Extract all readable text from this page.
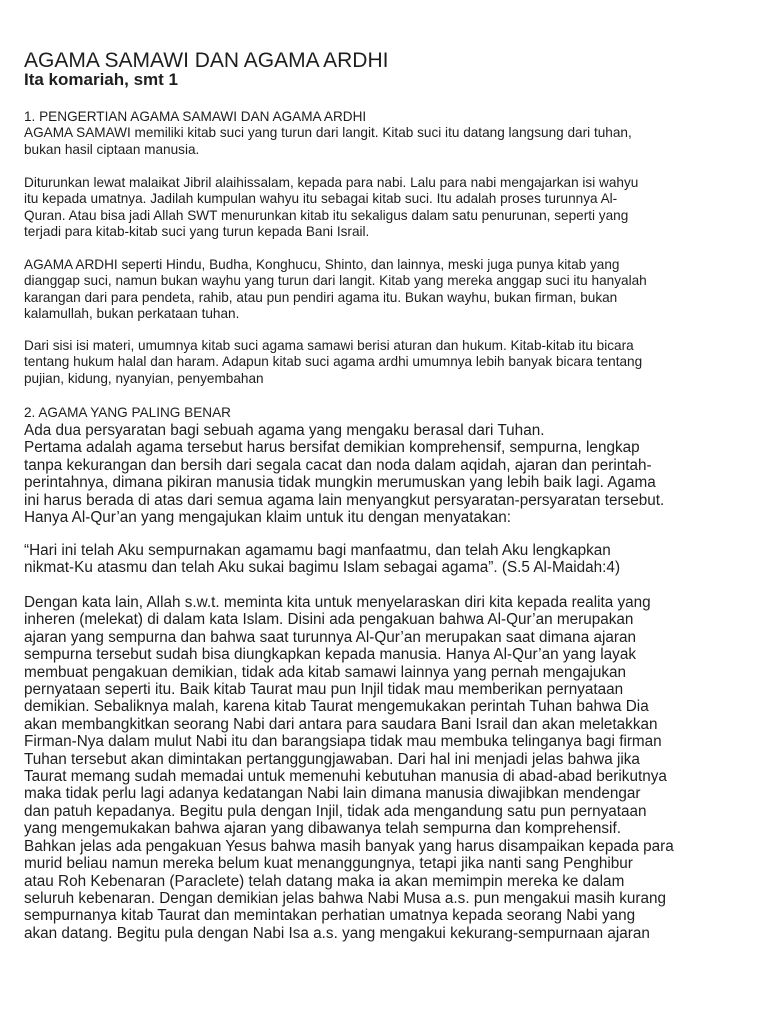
AGAMA SAMAWI DAN AGAMA ARDHI
Ita komariah, smt 1
1. PENGERTIAN AGAMA SAMAWI DAN AGAMA ARDHI
AGAMA SAMAWI memiliki kitab suci yang turun dari langit. Kitab suci itu datang langsung dari tuhan,
bukan hasil ciptaan manusia.
Diturunkan lewat malaikat Jibril alaihissalam, kepada para nabi. Lalu para nabi mengajarkan isi wahyu
itu kepada umatnya. Jadilah kumpulan wahyu itu sebagai kitab suci. Itu adalah proses turunnya Al-
Quran. Atau bisa jadi Allah SWT menurunkan kitab itu sekaligus dalam satu penurunan, seperti yang
terjadi para kitab-kitab suci yang turun kepada Bani Israil.
AGAMA ARDHI seperti Hindu, Budha, Konghucu, Shinto, dan lainnya, meski juga punya kitab yang
dianggap suci, namun bukan wayhu yang turun dari langit. Kitab yang mereka anggap suci itu hanyalah
karangan dari para pendeta, rahib, atau pun pendiri agama itu. Bukan wayhu, bukan firman, bukan
kalamullah, bukan perkataan tuhan.
Dari sisi isi materi, umumnya kitab suci agama samawi berisi aturan dan hukum. Kitab-kitab itu bicara
tentang hukum halal dan haram. Adapun kitab suci agama ardhi umumnya lebih banyak bicara tentang
pujian, kidung, nyanyian, penyembahan
2. AGAMA YANG PALING BENAR
Ada dua persyaratan bagi sebuah agama yang mengaku berasal dari Tuhan.
Pertama adalah agama tersebut harus bersifat demikian komprehensif, sempurna, lengkap
tanpa kekurangan dan bersih dari segala cacat dan noda dalam aqidah, ajaran dan perintah-
perintahnya, dimana pikiran manusia tidak mungkin merumuskan yang lebih baik lagi. Agama
ini harus berada di atas dari semua agama lain menyangkut persyaratan-persyaratan tersebut.
Hanya Al-Qur’an yang mengajukan klaim untuk itu dengan menyatakan:
“Hari ini telah Aku sempurnakan agamamu bagi manfaatmu, dan telah Aku lengkapkan
nikmat-Ku atasmu dan telah Aku sukai bagimu Islam sebagai agama”. (S.5 Al-Maidah:4)
Dengan kata lain, Allah s.w.t. meminta kita untuk menyelaraskan diri kita kepada realita yang
inheren (melekat) di dalam kata Islam. Disini ada pengakuan bahwa Al-Qur’an merupakan
ajaran yang sempurna dan bahwa saat turunnya Al-Qur’an merupakan saat dimana ajaran
sempurna tersebut sudah bisa diungkapkan kepada manusia. Hanya Al-Qur’an yang layak
membuat pengakuan demikian, tidak ada kitab samawi lainnya yang pernah mengajukan
pernyataan seperti itu. Baik kitab Taurat mau pun Injil tidak mau memberikan pernyataan
demikian. Sebaliknya malah, karena kitab Taurat mengemukakan perintah Tuhan bahwa Dia
akan membangkitkan seorang Nabi dari antara para saudara Bani Israil dan akan meletakkan
Firman-Nya dalam mulut Nabi itu dan barangsiapa tidak mau membuka telinganya bagi firman
Tuhan tersebut akan dimintakan pertanggungjawaban. Dari hal ini menjadi jelas bahwa jika
Taurat memang sudah memadai untuk memenuhi kebutuhan manusia di abad-abad berikutnya
maka tidak perlu lagi adanya kedatangan Nabi lain dimana manusia diwajibkan mendengar
dan patuh kepadanya. Begitu pula dengan Injil, tidak ada mengandung satu pun pernyataan
yang mengemukakan bahwa ajaran yang dibawanya telah sempurna dan komprehensif.
Bahkan jelas ada pengakuan Yesus bahwa masih banyak yang harus disampaikan kepada para
murid beliau namun mereka belum kuat menanggungnya, tetapi jika nanti sang Penghibur
atau Roh Kebenaran (Paraclete) telah datang maka ia akan memimpin mereka ke dalam
seluruh kebenaran. Dengan demikian jelas bahwa Nabi Musa a.s. pun mengakui masih kurang
sempurnanya kitab Taurat dan memintakan perhatian umatnya kepada seorang Nabi yang
akan datang. Begitu pula dengan Nabi Isa a.s. yang mengakui kekurang-sempurnaan ajaran
